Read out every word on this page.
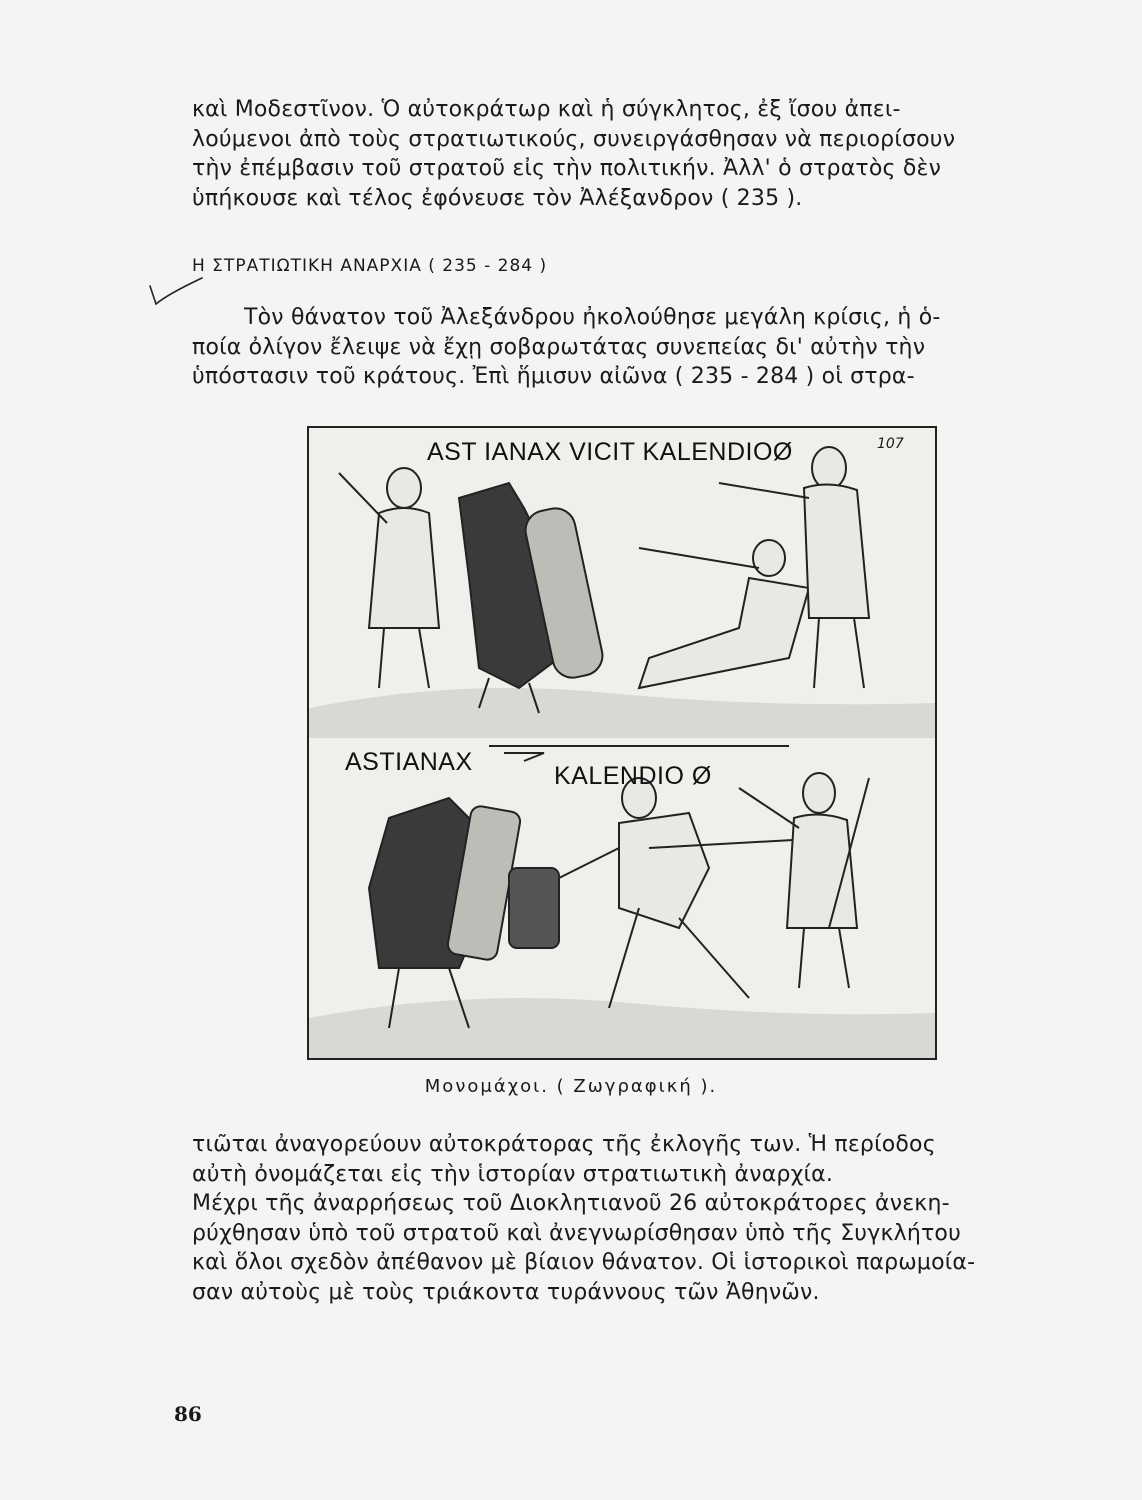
καὶ Μοδεστῖνον. Ὁ αὐτοκράτωρ καὶ ἡ σύγκλητος, ἐξ ἴσου ἀπει-
λούμενοι ἀπὸ τοὺς στρατιωτικούς, συνειργάσθησαν νὰ περιορίσουν
τὴν ἐπέμβασιν τοῦ στρατοῦ εἰς τὴν πολιτικήν. Ἀλλ' ὁ στρατὸς δὲν
ὑπήκουσε καὶ τέλος ἐφόνευσε τὸν Ἀλέξανδρον ( 235 ).
Η ΣΤΡΑΤΙΩΤΙΚΗ ΑΝΑΡΧΙΑ ( 235 - 284 )
Τὸν θάνατον τοῦ Ἀλεξάνδρου ἠκολούθησε μεγάλη κρίσις, ἡ ὁ-
ποία ὀλίγον ἔλειψε νὰ ἔχῃ σοβαρωτάτας συνεπείας δι' αὐτὴν τὴν
ὑπόστασιν τοῦ κράτους. Ἐπὶ ἥμισυν αἰῶνα ( 235 - 284 ) οἱ στρα-
AST IANAX VICIT KALENDIOØ	107
ASTIANAX	KALENDIO Ø
Μονομάχοι. ( Ζωγραφική ).
τιῶται ἀναγορεύουν αὐτοκράτορας τῆς ἐκλογῆς των. Ἡ περίοδος
αὐτὴ ὀνομάζεται εἰς τὴν ἱστορίαν στρατιωτικὴ ἀναρχία.
Μέχρι τῆς ἀναρρήσεως τοῦ Διοκλητιανοῦ 26 αὐτοκράτορες ἀνεκη-
ρύχθησαν ὑπὸ τοῦ στρατοῦ καὶ ἀνεγνωρίσθησαν ὑπὸ τῆς Συγκλήτου
καὶ ὅλοι σχεδὸν ἀπέθανον μὲ βίαιον θάνατον. Οἱ ἱστορικοὶ παρωμοία-
σαν αὐτοὺς μὲ τοὺς τριάκοντα τυράννους τῶν Ἀθηνῶν.
86
